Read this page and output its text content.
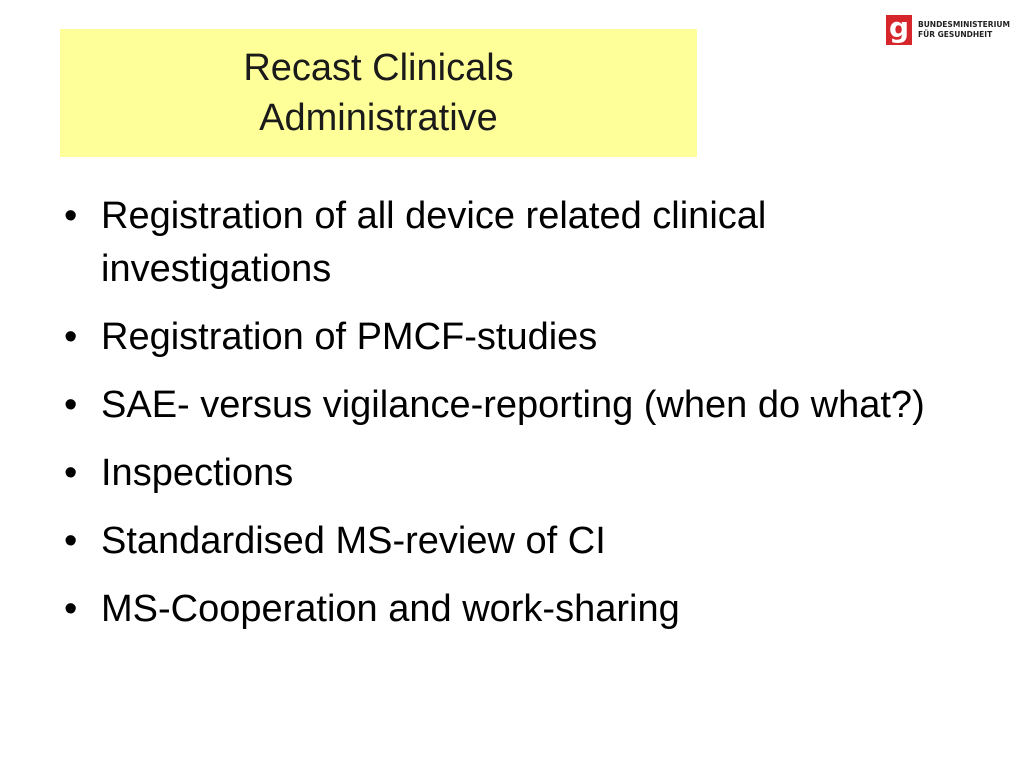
Recast Clinicals
Administrative
g	BUNDESMINISTERIUM
FÜR GESUNDHEIT
• Registration of all device related clinical investigations
• Registration of PMCF-studies
• SAE- versus vigilance-reporting (when do what?)
• Inspections
• Standardised MS-review of CI
• MS-Cooperation and work-sharing
